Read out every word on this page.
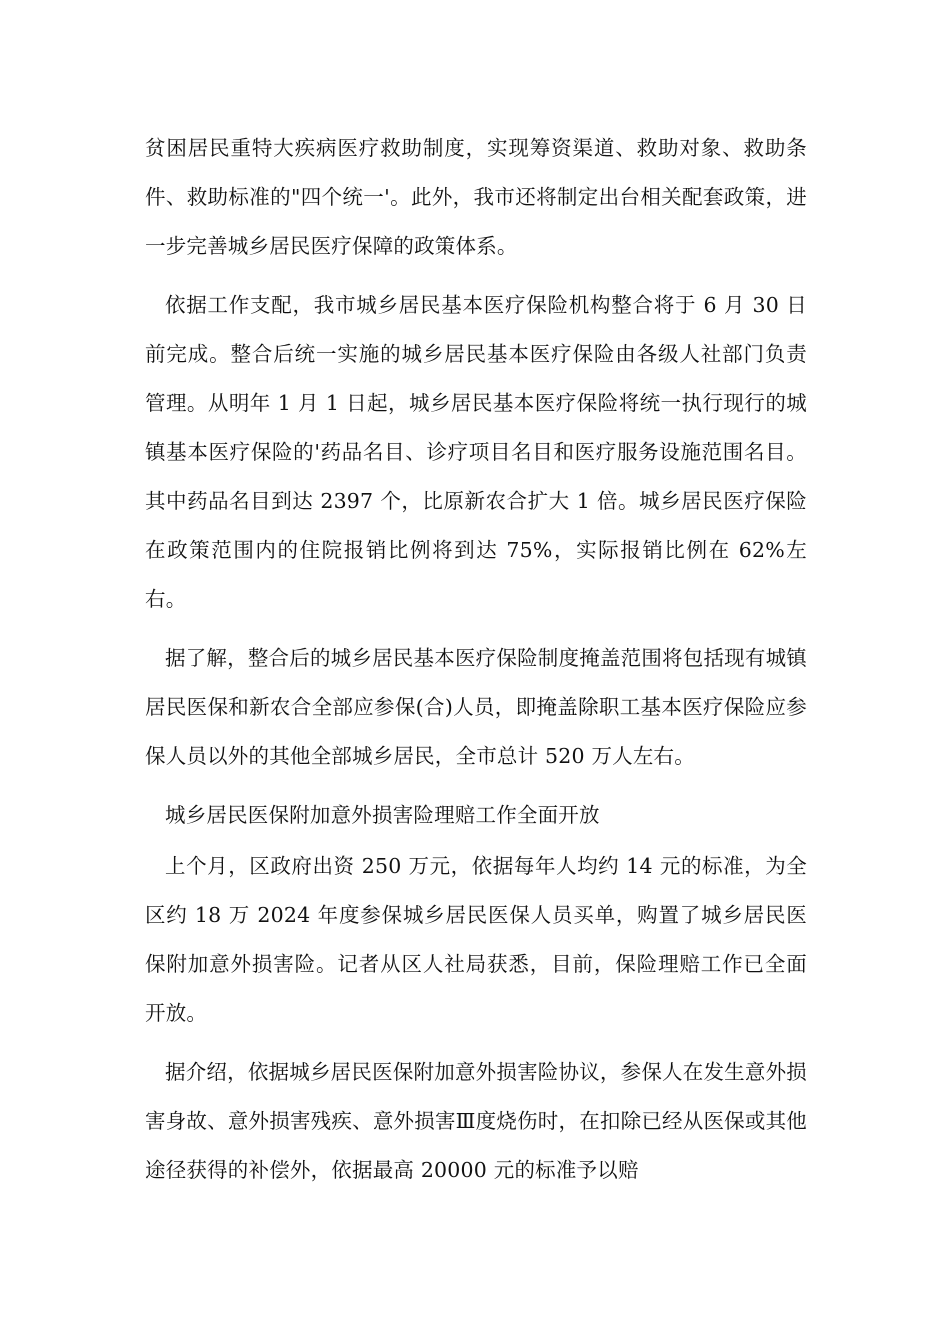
贫困居民重特大疾病医疗救助制度，实现筹资渠道、救助对象、救助条件、救助标准的"四个统一'。此外，我市还将制定出台相关配套政策，进一步完善城乡居民医疗保障的政策体系。

依据工作支配，我市城乡居民基本医疗保险机构整合将于 6 月 30 日前完成。整合后统一实施的城乡居民基本医疗保险由各级人社部门负责管理。从明年 1 月 1 日起，城乡居民基本医疗保险将统一执行现行的城镇基本医疗保险的'药品名目、诊疗项目名目和医疗服务设施范围名目。其中药品名目到达 2397 个，比原新农合扩大 1 倍。城乡居民医疗保险在政策范围内的住院报销比例将到达 75%，实际报销比例在 62%左右。

据了解，整合后的城乡居民基本医疗保险制度掩盖范围将包括现有城镇居民医保和新农合全部应参保(合)人员，即掩盖除职工基本医疗保险应参保人员以外的其他全部城乡居民，全市总计 520 万人左右。

城乡居民医保附加意外损害险理赔工作全面开放

上个月，区政府出资 250 万元，依据每年人均约 14 元的标准，为全区约 18 万 2024 年度参保城乡居民医保人员买单，购置了城乡居民医保附加意外损害险。记者从区人社局获悉，目前，保险理赔工作已全面开放。

据介绍，依据城乡居民医保附加意外损害险协议，参保人在发生意外损害身故、意外损害残疾、意外损害Ⅲ度烧伤时，在扣除已经从医保或其他途径获得的补偿外，依据最高 20000 元的标准予以赔
